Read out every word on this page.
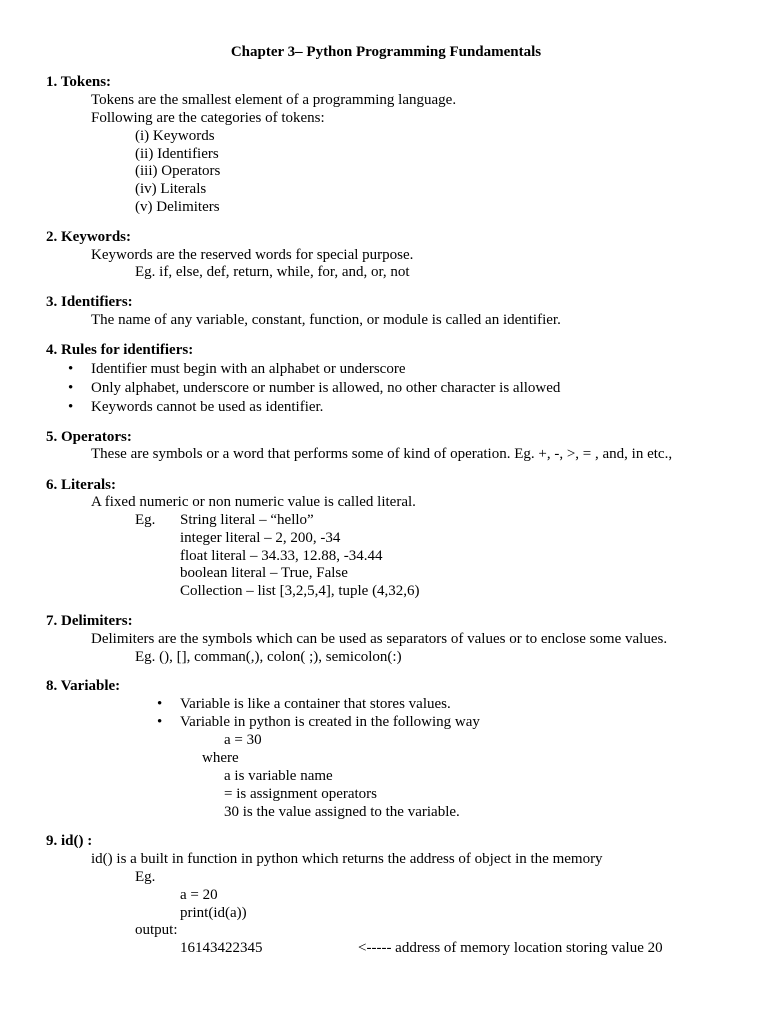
Chapter 3– Python Programming Fundamentals
1. Tokens:
Tokens are the smallest element of a programming language.
Following are the categories of tokens:
(i) Keywords
(ii) Identifiers
(iii) Operators
(iv) Literals
(v) Delimiters
2. Keywords:
Keywords are the reserved words for special purpose.
Eg. if, else, def, return, while, for, and, or, not
3. Identifiers:
The name of any variable, constant, function, or module is called an identifier.
4. Rules for identifiers:
• Identifier must begin with an alphabet or underscore
• Only alphabet, underscore or number is allowed, no other character is allowed
• Keywords cannot be used as identifier.
5. Operators:
These are symbols or a word that performs some of kind of operation. Eg. +, -, >, = , and, in etc.,
6. Literals:
A fixed numeric or non numeric value is called literal.
Eg. String literal – “hello”
integer literal – 2, 200, -34
float literal – 34.33, 12.88, -34.44
boolean literal – True, False
Collection – list [3,2,5,4], tuple (4,32,6)
7. Delimiters:
Delimiters are the symbols which can be used as separators of values or to enclose some values.
Eg. (), [], comman(,), colon( ;), semicolon(:)
8. Variable:
• Variable is like a container that stores values.
• Variable in python is created in the following way
a = 30
where
a is variable name
= is assignment operators
30 is the value assigned to the variable.
9. id() :
id() is a built in function in python which returns the address of object in the memory
Eg.
a = 20
print(id(a))
output:
16143422345	<----- address of memory location storing value 20
